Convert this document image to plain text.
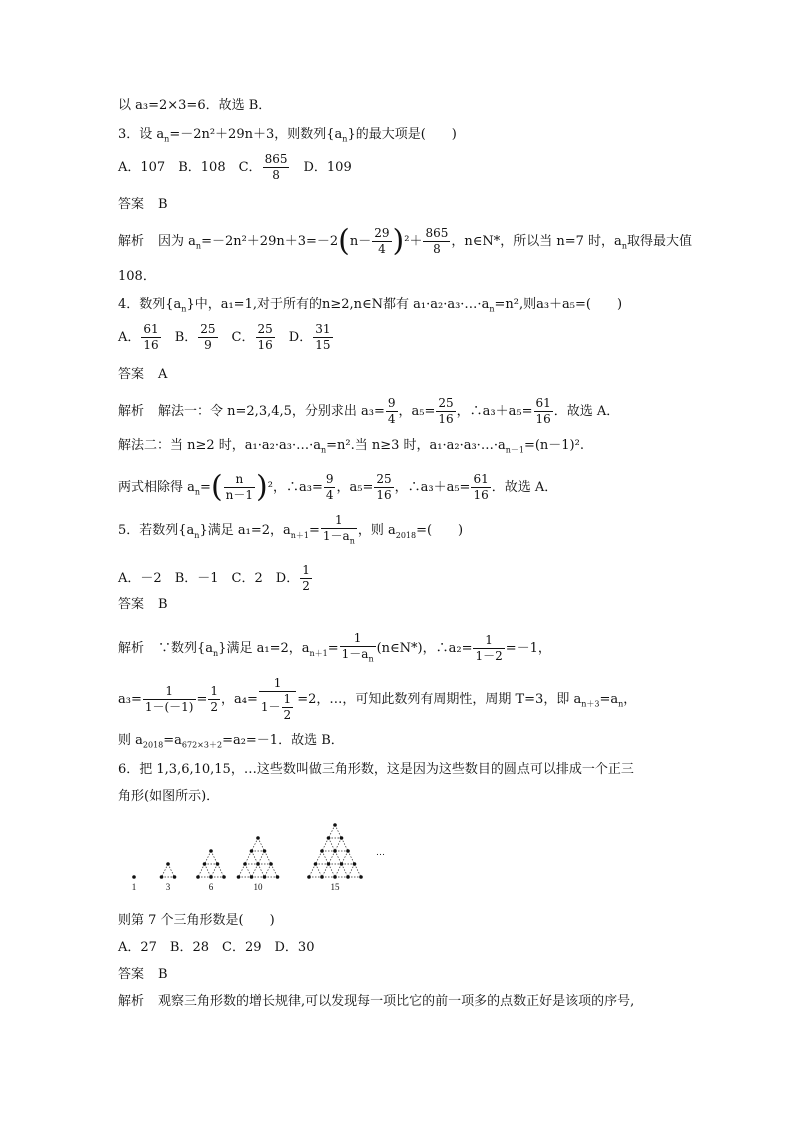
以 a₃=2×3=6．故选 B．
3．设 $a_n=-2n^2+29n+3$，则数列$\{a_n\}$的最大项是(　　)
A．107　 B．108　 C． $\frac{865}{8}$
　 D．109
答案 B
解析 因为 $a_n=-2n^2+29n+3=-2(n- \frac{29}{4} )^2+ \frac{865}{8}$ ，n∈N*，所以当 n=7 时，$a_n$取得最大值
108．
4．数列$\{a_n\}$中，a₁=1,对于所有的n≥2,n∈N都有 $a_1\cdot a_2\cdot a_3\cdot\dots\cdot a_n=n^2$,则a₃＋a₅=(　　)
A． $\frac{61}{16}$
　 B． $\frac{25}{9}$
　 C． $\frac{25}{16}$
　 D． $\frac{31}{15}$
答案 A
解析 解法一：令 n=2,3,4,5，分别求出 $a_3= \frac{9}{4}$ ，$a_5= \frac{25}{16}$ ，∴a₃＋a₅= $\frac{61}{16}$ ．故选 A．
解法二：当 n≥2 时，$a_1\cdot a_2\cdot a_3\cdot\dots\cdot a_n=n^2$.当 n≥3 时，$a_1\cdot a_2\cdot a_3\cdot\dots\cdot a_{n-1}=(n-1)^2$.
两式相除得 $a_n=( \frac{n}{n-1} )^2$，∴a₃= $\frac{9}{4}$ ，$a_5= \frac{25}{16}$ ，∴a₃＋a₅= $\frac{61}{16}$ ．故选 A．
5．若数列$\{a_n\}$满足 a₁=2，$a_{n+1}= \frac{1}{1-a_n}$ ，则 $a_{2018}=$(　　)
A．－2　 B．－1　 C．2　 D． $\frac{1}{2}$
答案 B
解析 ∵数列$\{a_n\}$满足 a₁=2，$a_{n+1}= \frac{1}{1-a_n}$ (n∈N*)，∴a₂= $\frac{1}{1-2} =-1$，
$a_3= \frac{1}{1-(-1)} = \frac{1}{2}$ ，$a_4= \frac{1}{1- \frac{1}{2}} =2$，…，可知此数列有周期性，周期 T=3，即 $a_{n+3}=a_n$，
则 $a_{2018}=a_{672\times 3+2}=a_2=-1$．故选 B．
6．把 1,3,6,10,15，…这些数叫做三角形数，这是因为这些数目的圆点可以排成一个正三
角形(如图所示)．
1	3	6	10	15
…
则第 7 个三角形数是(　　)
A．27　B．28　C．29　D．30
答案 B
解析 观察三角形数的增长规律,可以发现每一项比它的前一项多的点数正好是该项的序号,
